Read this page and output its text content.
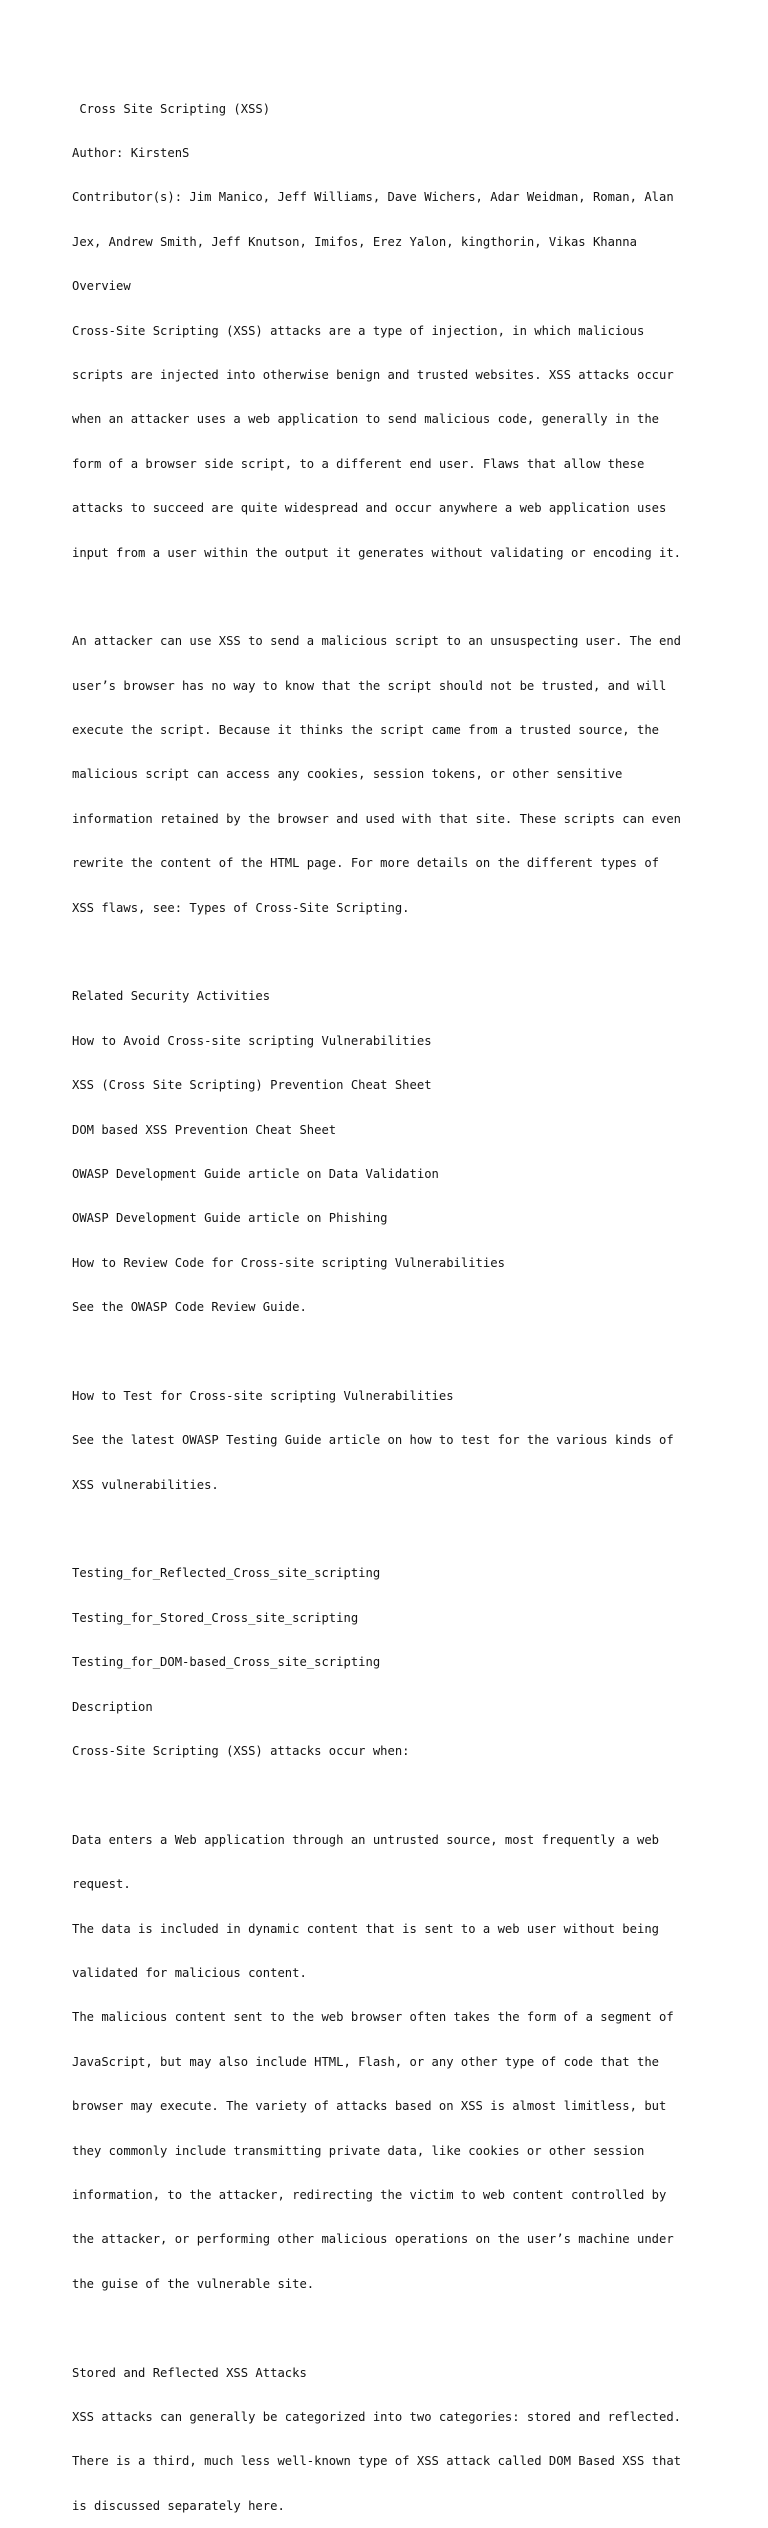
Cross Site Scripting (XSS)

Author: KirstenS

Contributor(s): Jim Manico, Jeff Williams, Dave Wichers, Adar Weidman, Roman, Alan

Jex, Andrew Smith, Jeff Knutson, Imifos, Erez Yalon, kingthorin, Vikas Khanna

Overview

Cross-Site Scripting (XSS) attacks are a type of injection, in which malicious

scripts are injected into otherwise benign and trusted websites. XSS attacks occur

when an attacker uses a web application to send malicious code, generally in the

form of a browser side script, to a different end user. Flaws that allow these

attacks to succeed are quite widespread and occur anywhere a web application uses

input from a user within the output it generates without validating or encoding it.

An attacker can use XSS to send a malicious script to an unsuspecting user. The end

user’s browser has no way to know that the script should not be trusted, and will

execute the script. Because it thinks the script came from a trusted source, the

malicious script can access any cookies, session tokens, or other sensitive

information retained by the browser and used with that site. These scripts can even

rewrite the content of the HTML page. For more details on the different types of

XSS flaws, see: Types of Cross-Site Scripting.

Related Security Activities

How to Avoid Cross-site scripting Vulnerabilities

XSS (Cross Site Scripting) Prevention Cheat Sheet

DOM based XSS Prevention Cheat Sheet

OWASP Development Guide article on Data Validation

OWASP Development Guide article on Phishing

How to Review Code for Cross-site scripting Vulnerabilities

See the OWASP Code Review Guide.

How to Test for Cross-site scripting Vulnerabilities

See the latest OWASP Testing Guide article on how to test for the various kinds of

XSS vulnerabilities.

Testing_for_Reflected_Cross_site_scripting

Testing_for_Stored_Cross_site_scripting

Testing_for_DOM-based_Cross_site_scripting

Description

Cross-Site Scripting (XSS) attacks occur when:

Data enters a Web application through an untrusted source, most frequently a web

request.

The data is included in dynamic content that is sent to a web user without being

validated for malicious content.

The malicious content sent to the web browser often takes the form of a segment of

JavaScript, but may also include HTML, Flash, or any other type of code that the

browser may execute. The variety of attacks based on XSS is almost limitless, but

they commonly include transmitting private data, like cookies or other session

information, to the attacker, redirecting the victim to web content controlled by

the attacker, or performing other malicious operations on the user’s machine under

the guise of the vulnerable site.

Stored and Reflected XSS Attacks

XSS attacks can generally be categorized into two categories: stored and reflected.

There is a third, much less well-known type of XSS attack called DOM Based XSS that

is discussed separately here.
